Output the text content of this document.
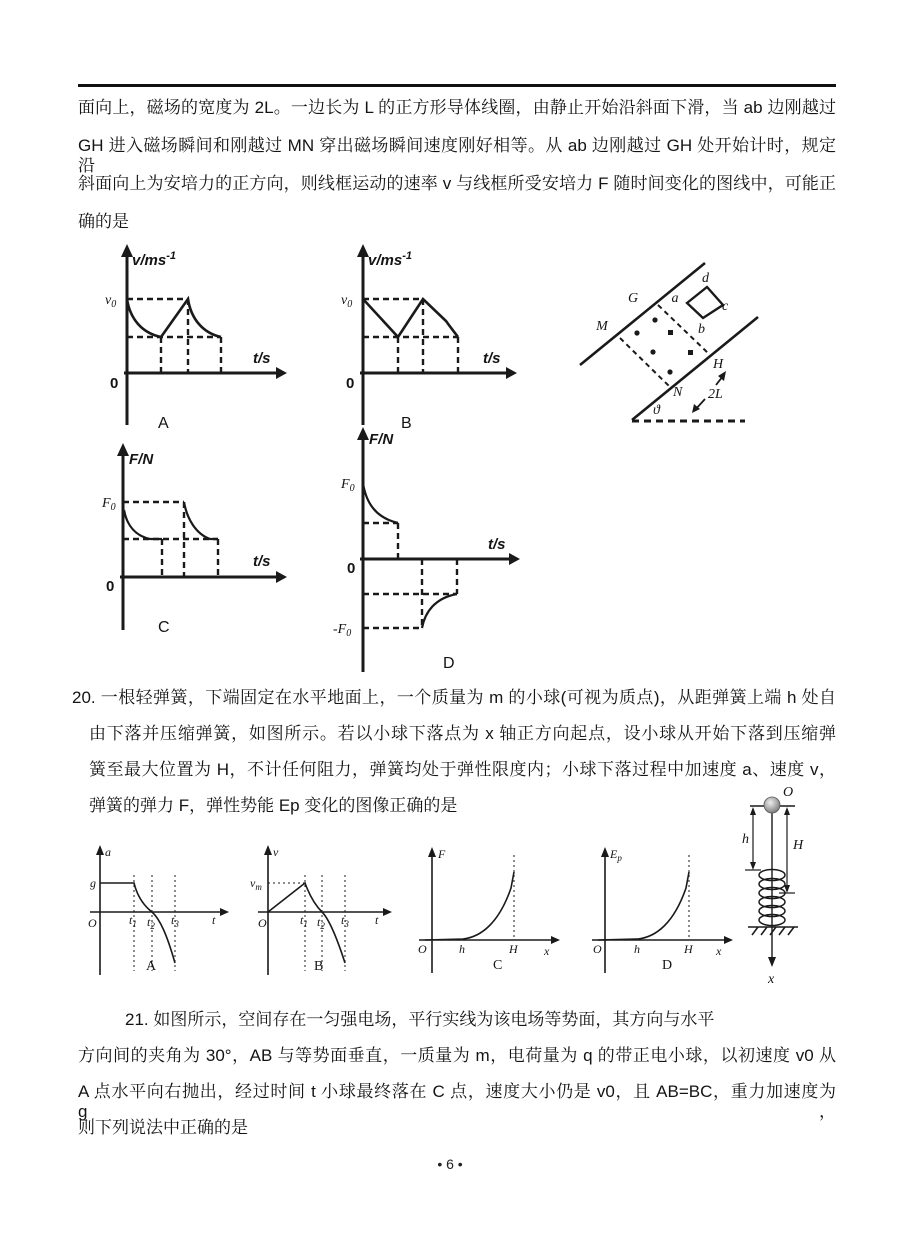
面向上，磁场的宽度为 2L。一边长为 L 的正方形导体线圈，由静止开始沿斜面下滑，当 ab 边刚越过
GH 进入磁场瞬间和刚越过 MN 穿出磁场瞬间速度刚好相等。从 ab 边刚越过 GH 处开始计时，规定沿
斜面向上为安培力的正方向，则线框运动的速率 v 与线框所受安培力 F 随时间变化的图线中，可能正
确的是
$v/ms^{-1}$
$v_0$
0
t/s
A
$v/ms^{-1}$
$v_0$
0
t/s
B
G
M
H
N
a
b
c
d
ϑ
2L
F/N
$F_0$
0
t/s
C
F/N
$F_0$
0
$-F_0$
t/s
D
20. 一根轻弹簧，下端固定在水平地面上，一个质量为 m 的小球(可视为质点)，从距弹簧上端 h 处自
由下落并压缩弹簧，如图所示。若以小球下落点为 x 轴正方向起点，设小球从开始下落到压缩弹
簧至最大位置为 H，不计任何阻力，弹簧均处于弹性限度内；小球下落过程中加速度 a、速度 v，
弹簧的弹力 F，弹性势能 Ep 变化的图像正确的是
a
g
O	$t_1$ $t_2$ $t_3$	t
A
v
$v_m$
O	$t_1$ $t_2$ $t_3$ t
B
F
O	h	H x
C
$E_p$
O	h	H x
D
O
h	H
x
21. 如图所示，空间存在一匀强电场，平行实线为该电场等势面，其方向与水平
方向间的夹角为 30°，AB 与等势面垂直，一质量为 m，电荷量为 q 的带正电小球，以初速度 v0 从
A 点水平向右抛出，经过时间 t 小球最终落在 C 点，速度大小仍是 v0，且 AB=BC，重力加速度为 g，
则下列说法中正确的是
• 6 •
